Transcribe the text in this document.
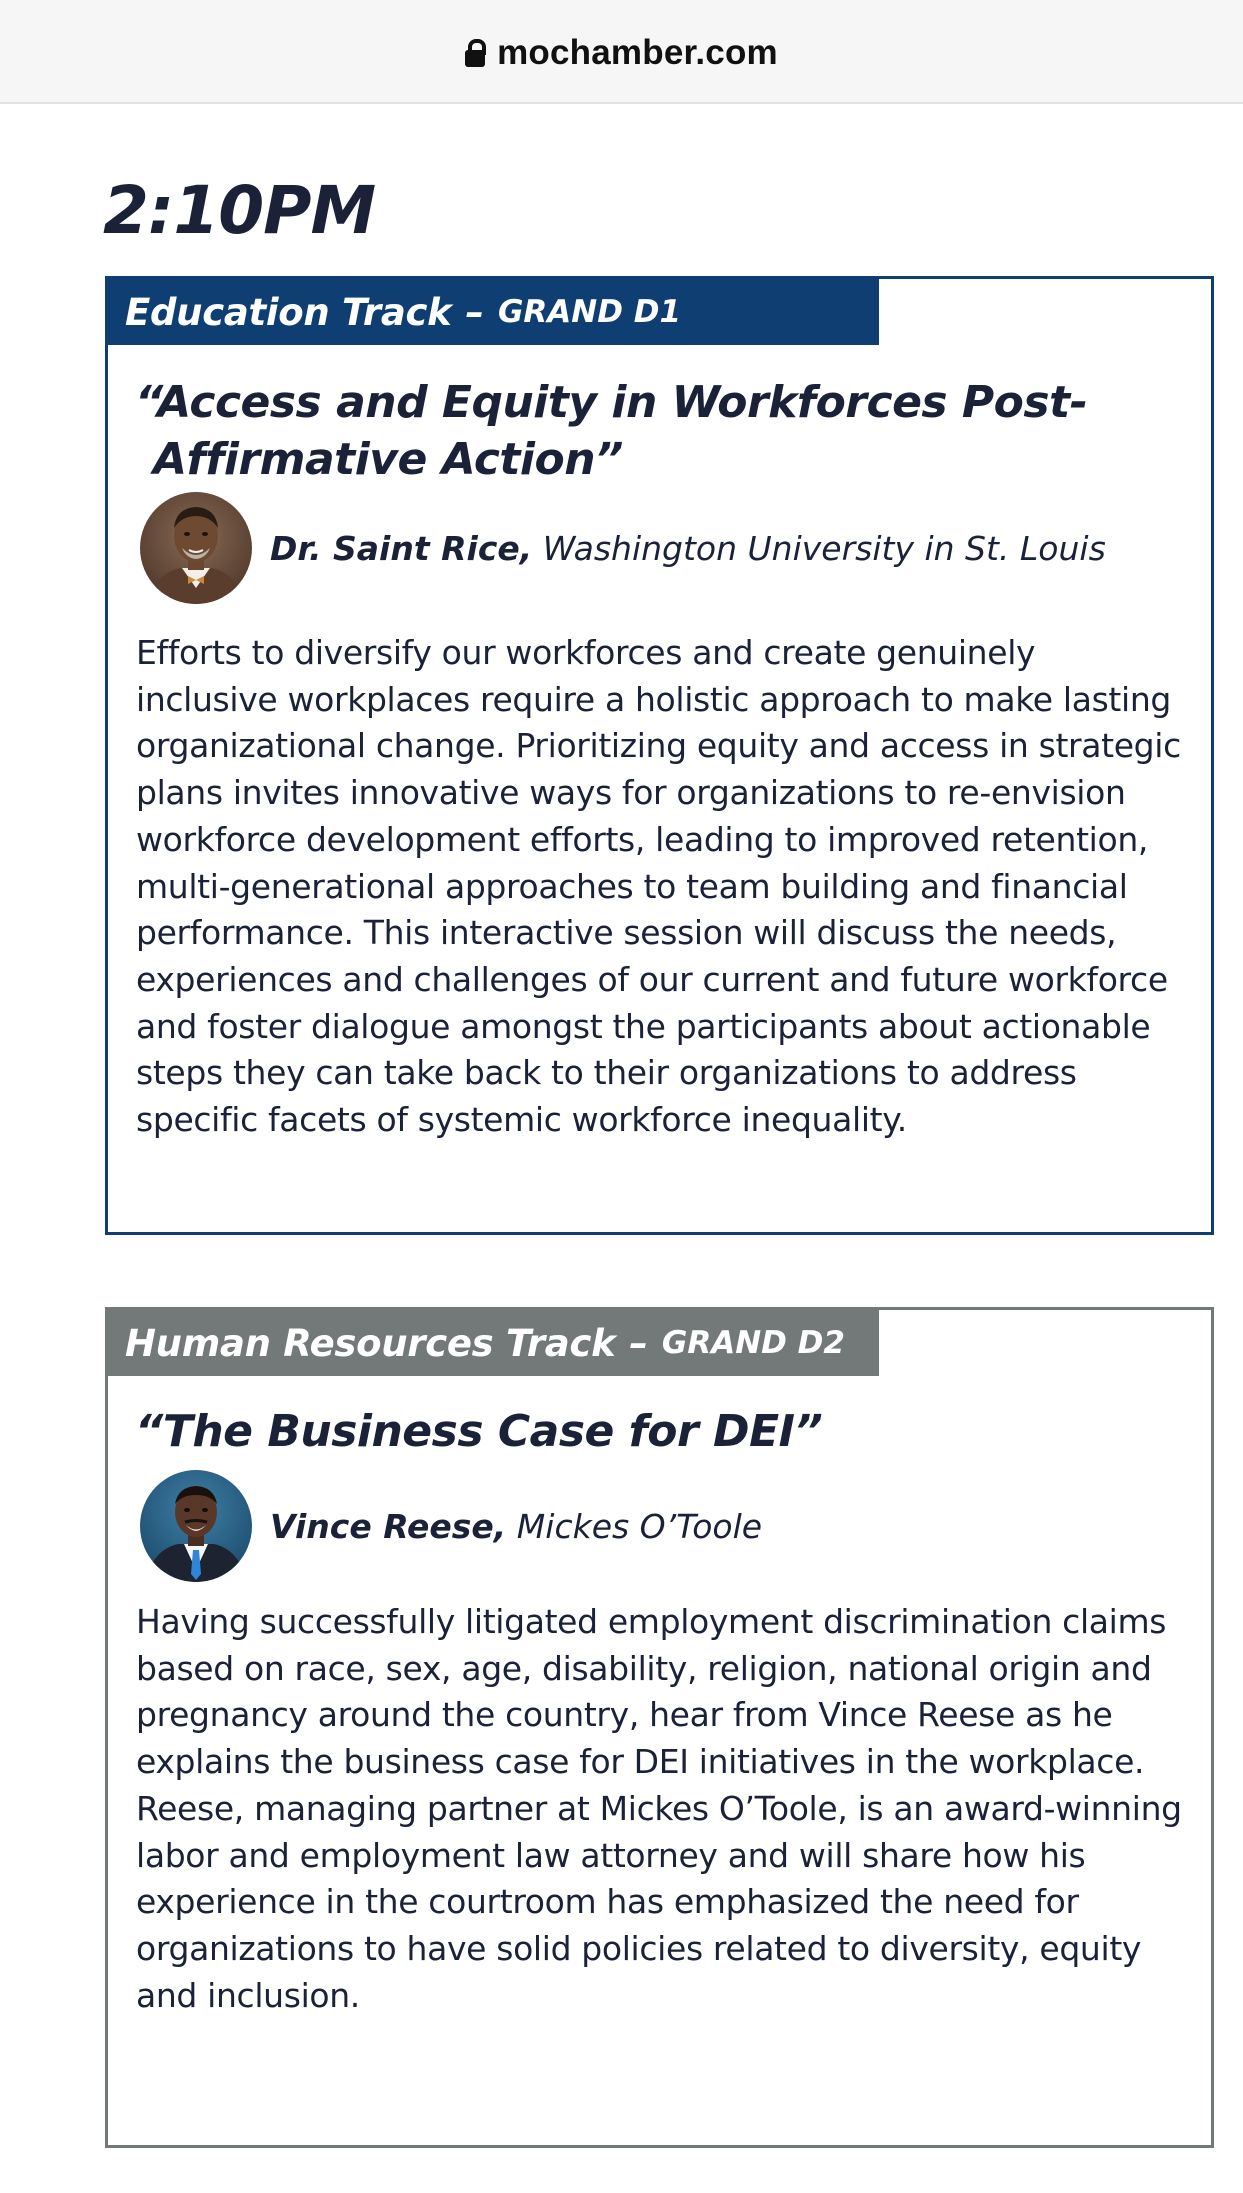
mochamber.com
2:10PM
Education Track – GRAND D1
“Access and Equity in Workforces Post-
Affirmative Action”
Dr. Saint Rice, Washington University in St. Louis

Efforts to diversify our workforces and create genuinely
inclusive workplaces require a holistic approach to make lasting
organizational change. Prioritizing equity and access in strategic
plans invites innovative ways for organizations to re-envision
workforce development efforts, leading to improved retention,
multi-generational approaches to team building and financial
performance. This interactive session will discuss the needs,
experiences and challenges of our current and future workforce
and foster dialogue amongst the participants about actionable
steps they can take back to their organizations to address
specific facets of systemic workforce inequality.

Human Resources Track – GRAND D2
“The Business Case for DEI”
Vince Reese, Mickes O’Toole

Having successfully litigated employment discrimination claims
based on race, sex, age, disability, religion, national origin and
pregnancy around the country, hear from Vince Reese as he
explains the business case for DEI initiatives in the workplace.
Reese, managing partner at Mickes O’Toole, is an award-winning
labor and employment law attorney and will share how his
experience in the courtroom has emphasized the need for
organizations to have solid policies related to diversity, equity
and inclusion.
